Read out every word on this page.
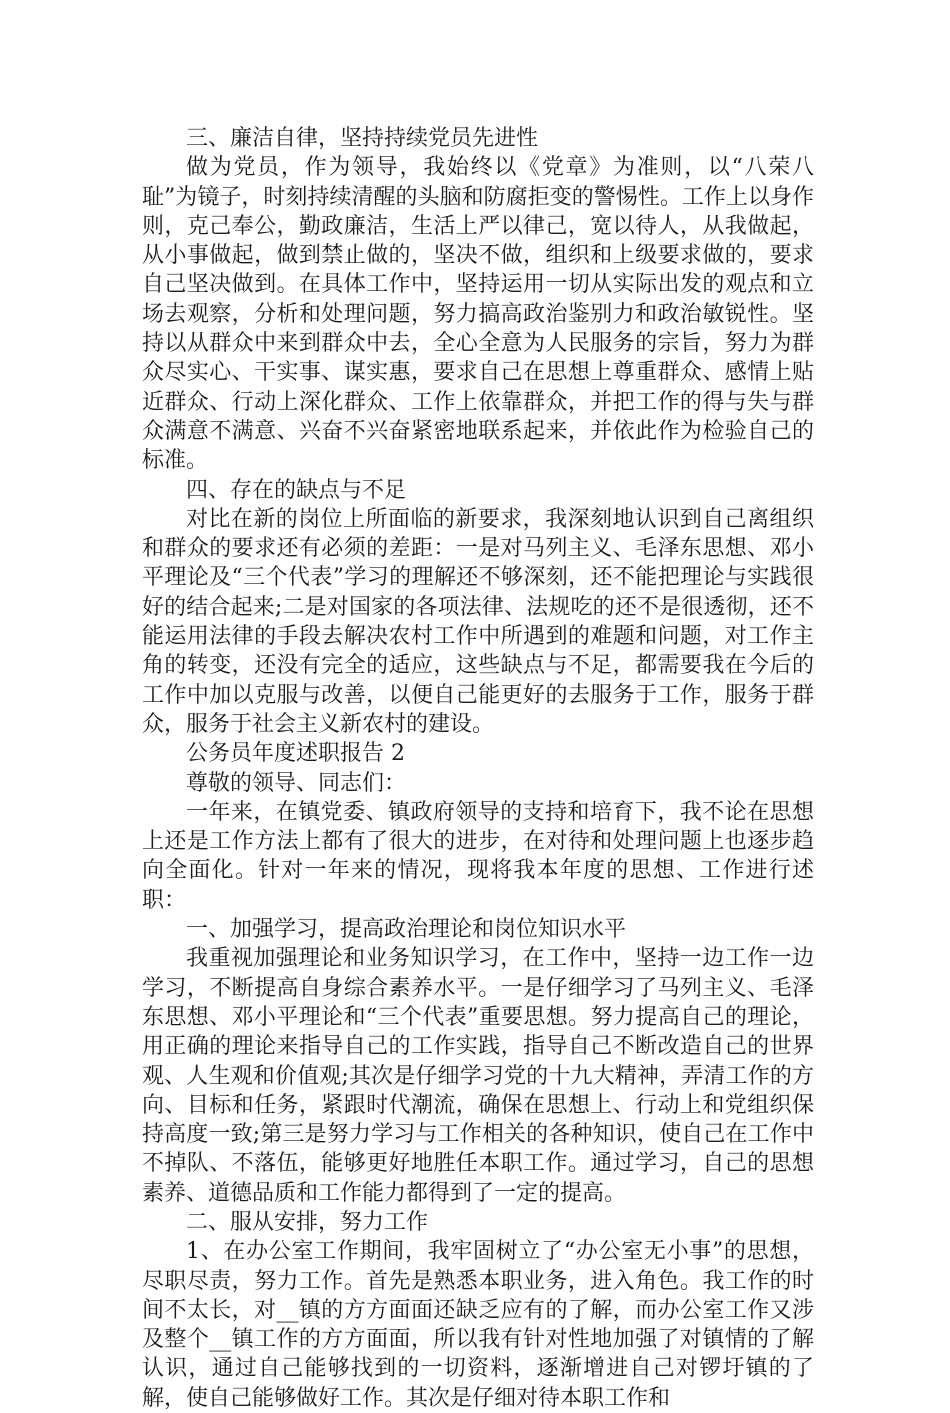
三、廉洁自律，坚持持续党员先进性

做为党员，作为领导，我始终以《党章》为准则，以“八荣八耻”为镜子，时刻持续清醒的头脑和防腐拒变的警惕性。工作上以身作则，克己奉公，勤政廉洁，生活上严以律己，宽以待人，从我做起，从小事做起，做到禁止做的，坚决不做，组织和上级要求做的，要求自己坚决做到。在具体工作中，坚持运用一切从实际出发的观点和立场去观察，分析和处理问题，努力搞高政治鉴别力和政治敏锐性。坚持以从群众中来到群众中去，全心全意为人民服务的宗旨，努力为群众尽实心、干实事、谋实惠，要求自己在思想上尊重群众、感情上贴近群众、行动上深化群众、工作上依靠群众，并把工作的得与失与群众满意不满意、兴奋不兴奋紧密地联系起来，并依此作为检验自己的标准。

四、存在的缺点与不足

对比在新的岗位上所面临的新要求，我深刻地认识到自己离组织和群众的要求还有必须的差距：一是对马列主义、毛泽东思想、邓小平理论及“三个代表”学习的理解还不够深刻，还不能把理论与实践很好的结合起来;二是对国家的各项法律、法规吃的还不是很透彻，还不能运用法律的手段去解决农村工作中所遇到的难题和问题，对工作主角的转变，还没有完全的适应，这些缺点与不足，都需要我在今后的工作中加以克服与改善，以便自己能更好的去服务于工作，服务于群众，服务于社会主义新农村的建设。

公务员年度述职报告 2

尊敬的领导、同志们：

一年来，在镇党委、镇政府领导的支持和培育下，我不论在思想上还是工作方法上都有了很大的进步，在对待和处理问题上也逐步趋向全面化。针对一年来的情况，现将我本年度的思想、工作进行述职：

一、加强学习，提高政治理论和岗位知识水平

我重视加强理论和业务知识学习，在工作中，坚持一边工作一边学习，不断提高自身综合素养水平。一是仔细学习了马列主义、毛泽东思想、邓小平理论和“三个代表”重要思想。努力提高自己的理论，用正确的理论来指导自己的工作实践，指导自己不断改造自己的世界观、人生观和价值观;其次是仔细学习党的十九大精神，弄清工作的方向、目标和任务，紧跟时代潮流，确保在思想上、行动上和党组织保持高度一致;第三是努力学习与工作相关的各种知识，使自己在工作中不掉队、不落伍，能够更好地胜任本职工作。通过学习，自己的思想素养、道德品质和工作能力都得到了一定的提高。

二、服从安排，努力工作

1、在办公室工作期间，我牢固树立了“办公室无小事”的思想，尽职尽责，努力工作。首先是熟悉本职业务，进入角色。我工作的时间不太长，对__镇的方方面面还缺乏应有的了解，而办公室工作又涉及整个__镇工作的方方面面，所以我有针对性地加强了对镇情的了解认识，通过自己能够找到的一切资料，逐渐增进自己对锣圩镇的了解，使自己能够做好工作。其次是仔细对待本职工作和
